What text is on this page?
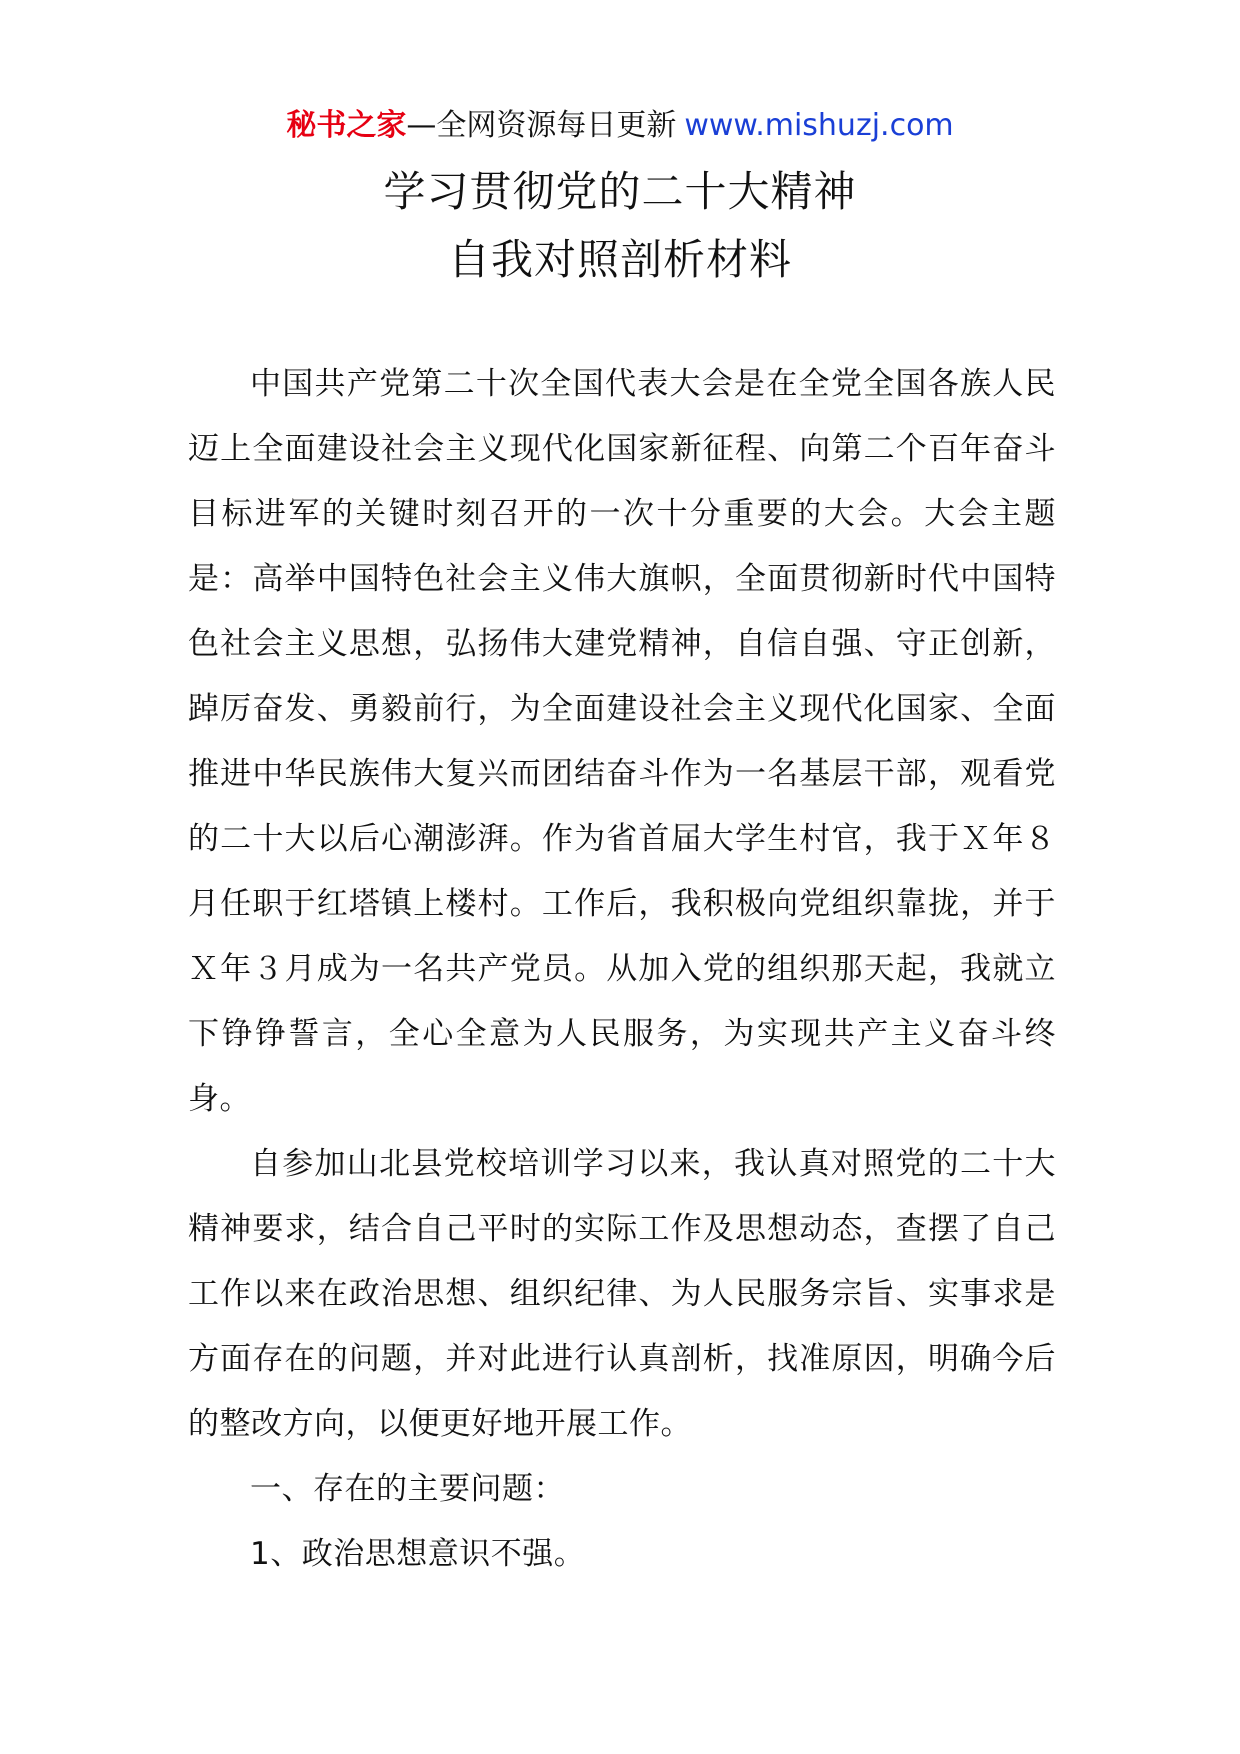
秘书之家—全网资源每日更新 www.mishuzj.com
学习贯彻党的二十大精神
自我对照剖析材料

中国共产党第二十次全国代表大会是在全党全国各族人民迈上全面建设社会主义现代化国家新征程、向第二个百年奋斗目标进军的关键时刻召开的一次十分重要的大会。大会主题是：高举中国特色社会主义伟大旗帜，全面贯彻新时代中国特色社会主义思想，弘扬伟大建党精神，自信自强、守正创新，踔厉奋发、勇毅前行，为全面建设社会主义现代化国家、全面推进中华民族伟大复兴而团结奋斗作为一名基层干部，观看党的二十大以后心潮澎湃。作为省首届大学生村官，我于Ｘ年８月任职于红塔镇上楼村。工作后，我积极向党组织靠拢，并于Ｘ年３月成为一名共产党员。从加入党的组织那天起，我就立下铮铮誓言，全心全意为人民服务，为实现共产主义奋斗终身。

自参加山北县党校培训学习以来，我认真对照党的二十大精神要求，结合自己平时的实际工作及思想动态，查摆了自己工作以来在政治思想、组织纪律、为人民服务宗旨、实事求是方面存在的问题，并对此进行认真剖析，找准原因，明确今后的整改方向，以便更好地开展工作。

一、存在的主要问题：

1、政治思想意识不强。
